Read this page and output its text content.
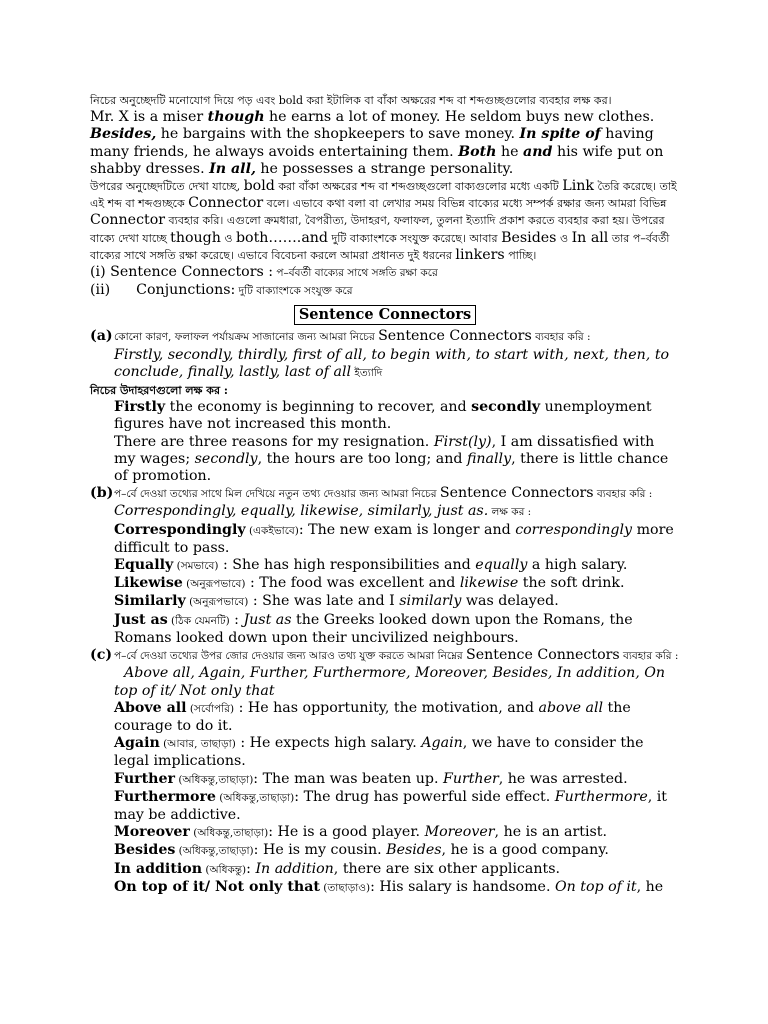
নিচের অনুচ্ছেদটি মনোযোগ দিয়ে পড় এবং bold করা ইটালিক বা বাঁকা অক্ষরের শব্দ বা শব্দগুচ্ছগুলোর ব্যবহার লক্ষ কর।

Mr. X is a miser though he earns a lot of money. He seldom buys new clothes. Besides, he bargains with the shopkeepers to save money. In spite of having many friends, he always avoids entertaining them. Both he and his wife put on shabby dresses. In all, he possesses a strange personality.

উপরের অনুচ্ছেদটিতে দেখা যাচ্ছে, bold করা বাঁকা অক্ষরের শব্দ বা শব্দগুচ্ছগুলো বাক্যগুলোর মধ্যে একটি Link তৈরি করেছে। তাই এই শব্দ বা শব্দগুচ্ছকে Connector বলে। এভাবে কথা বলা বা লেখার সময় বিভিন্ন বাক্যের মধ্যে সম্পর্ক রক্ষার জন্য আমরা বিভিন্ন Connector ব্যবহার করি। এগুলো ক্রমধারা, বৈপরীত্য, উদাহরণ, ফলাফল, তুলনা ইত্যাদি প্রকাশ করতে ব্যবহার করা হয়। উপরের বাক্যে দেখা যাচ্ছে though ও both…….and দুটি বাক্যাংশকে সংযুক্ত করেছে। আবার Besides ও In all তার প–র্ববর্তী বাক্যের সাথে সঙ্গতি রক্ষা করেছে। এভাবে বিবেচনা করলে আমরা প্রধানত দুই ধরনের linkers পাচ্ছি।

(i) Sentence Connectors : প–র্ববর্তী বাক্যের সাথে সঙ্গতি রক্ষা করে

(ii) Conjunctions: দুটি বাক্যাংশকে সংযুক্ত করে

Sentence Connectors
(a) কোনো কারণ, ফলাফল পর্যায়ক্রম সাজানোর জন্য আমরা নিচের Sentence Connectors ব্যবহার করি :
Firstly, secondly, thirdly, first of all, to begin with, to start with, next, then, to conclude, finally, lastly, last of all ইত্যাদি

নিচের উদাহরণগুলো লক্ষ কর :

Firstly the economy is beginning to recover, and secondly unemployment figures have not increased this month.
There are three reasons for my resignation. First(ly), I am dissatisfied with my wages; secondly, the hours are too long; and finally, there is little chance of promotion.
(b) প–র্বে দেওয়া তথ্যের সাথে মিল দেখিয়ে নতুন তথ্য দেওয়ার জন্য আমরা নিচের Sentence Connectors ব্যবহার করি : Correspondingly, equally, likewise, similarly, just as. লক্ষ কর :
Correspondingly (একইভাবে): The new exam is longer and correspondingly more difficult to pass.
Equally (সমভাবে) : She has high responsibilities and equally a high salary.
Likewise (অনুরূপভাবে) : The food was excellent and likewise the soft drink.
Similarly (অনুরূপভাবে) : She was late and I similarly was delayed.
Just as (ঠিক যেমনটি) : Just as the Greeks looked down upon the Romans, the Romans looked down upon their uncivilized neighbours.
(c) প–র্বে দেওয়া তথ্যের উপর জোর দেওয়ার জন্য আরও তথ্য যুক্ত করতে আমরা নিম্নের Sentence Connectors ব্যবহার করি :Above all, Again, Further, Furthermore, Moreover, Besides, In addition, On top of it/ Not only that
Above all (সর্বোপরি) : He has opportunity, the motivation, and above all the courage to do it.
Again (আবার, তাছাড়া) : He expects high salary. Again, we have to consider the legal implications.
Further (অধিকন্তু,তাছাড়া): The man was beaten up. Further, he was arrested.
Furthermore (অধিকন্তু,তাছাড়া): The drug has powerful side effect. Furthermore, it may be addictive.
Moreover (অধিকন্তু,তাছাড়া): He is a good player. Moreover, he is an artist.
Besides (অধিকন্তু,তাছাড়া): He is my cousin. Besides, he is a good company.
In addition (অধিকন্তু): In addition, there are six other applicants.
On top of it/ Not only that (তাছাড়াও): His salary is handsome. On top of it, he
